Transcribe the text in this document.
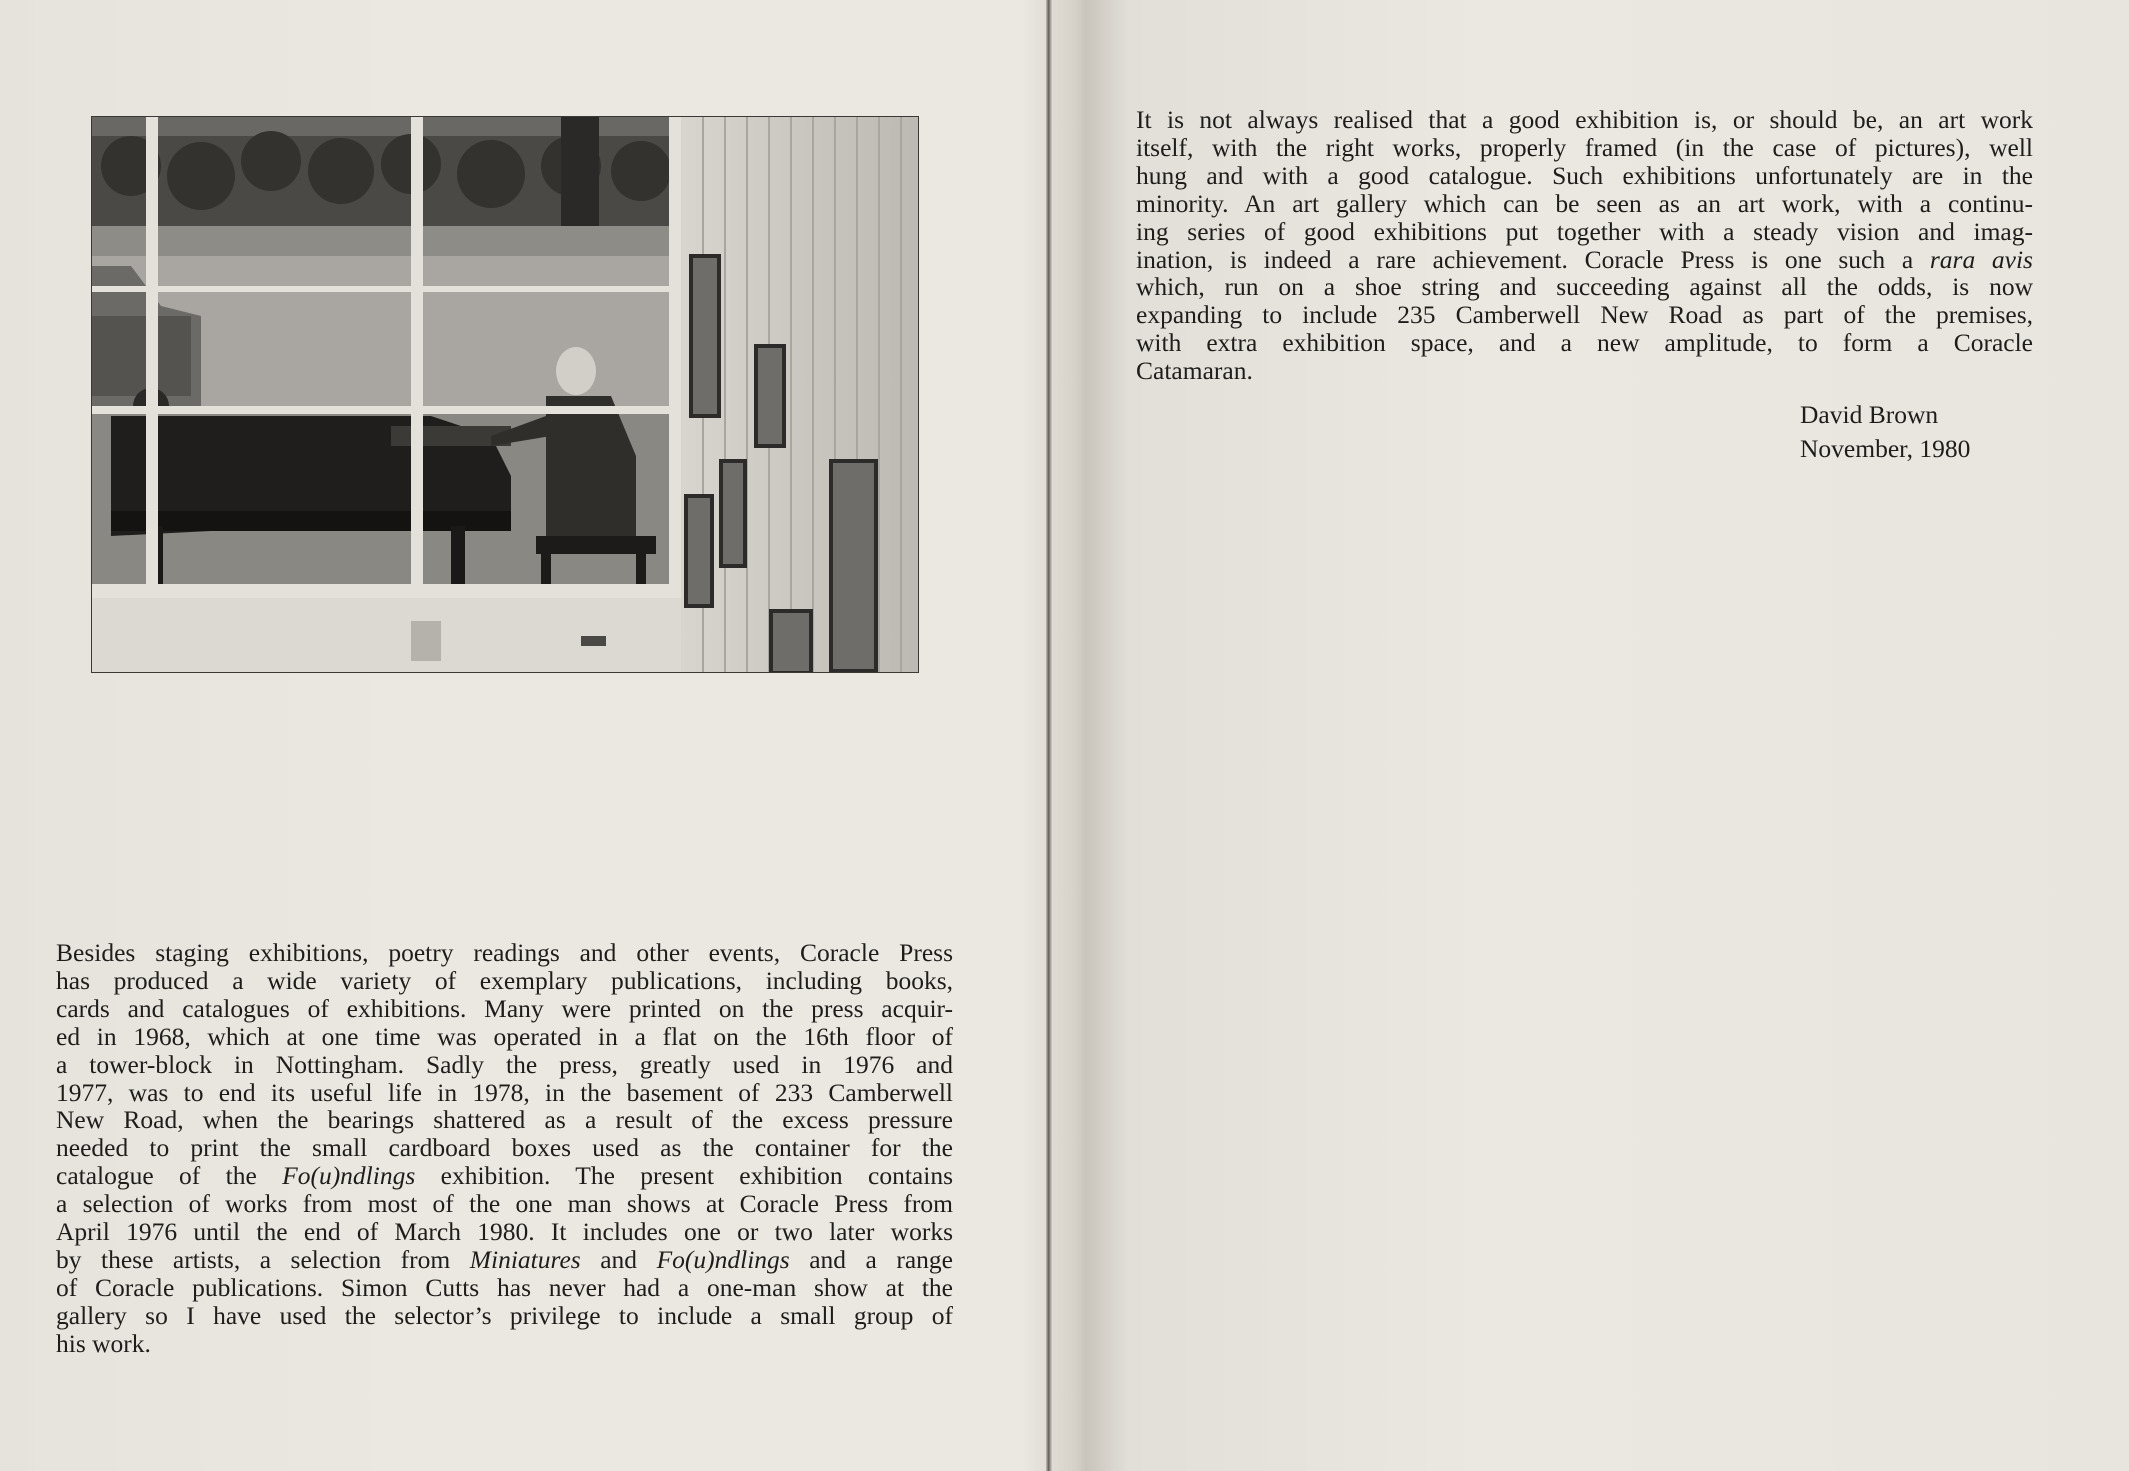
Besides staging exhibitions, poetry readings and other events, Coracle Press
has produced a wide variety of exemplary publications, including books,
cards and catalogues of exhibitions. Many were printed on the press acquir-
ed in 1968, which at one time was operated in a flat on the 16th floor of
a tower-block in Nottingham. Sadly the press, greatly used in 1976 and
1977, was to end its useful life in 1978, in the basement of 233 Camberwell
New Road, when the bearings shattered as a result of the excess pressure
needed to print the small cardboard boxes used as the container for the
catalogue of the Fo(u)ndlings exhibition. The present exhibition contains
a selection of works from most of the one man shows at Coracle Press from
April 1976 until the end of March 1980. It includes one or two later works
by these artists, a selection from Miniatures and Fo(u)ndlings and a range
of Coracle publications. Simon Cutts has never had a one-man show at the
gallery so I have used the selector’s privilege to include a small group of
his work.
It is not always realised that a good exhibition is, or should be, an art work
itself, with the right works, properly framed (in the case of pictures), well
hung and with a good catalogue. Such exhibitions unfortunately are in the
minority. An art gallery which can be seen as an art work, with a continu-
ing series of good exhibitions put together with a steady vision and imag-
ination, is indeed a rare achievement. Coracle Press is one such a rara avis
which, run on a shoe string and succeeding against all the odds, is now
expanding to include 235 Camberwell New Road as part of the premises,
with extra exhibition space, and a new amplitude, to form a Coracle
Catamaran.
David Brown
November, 1980
